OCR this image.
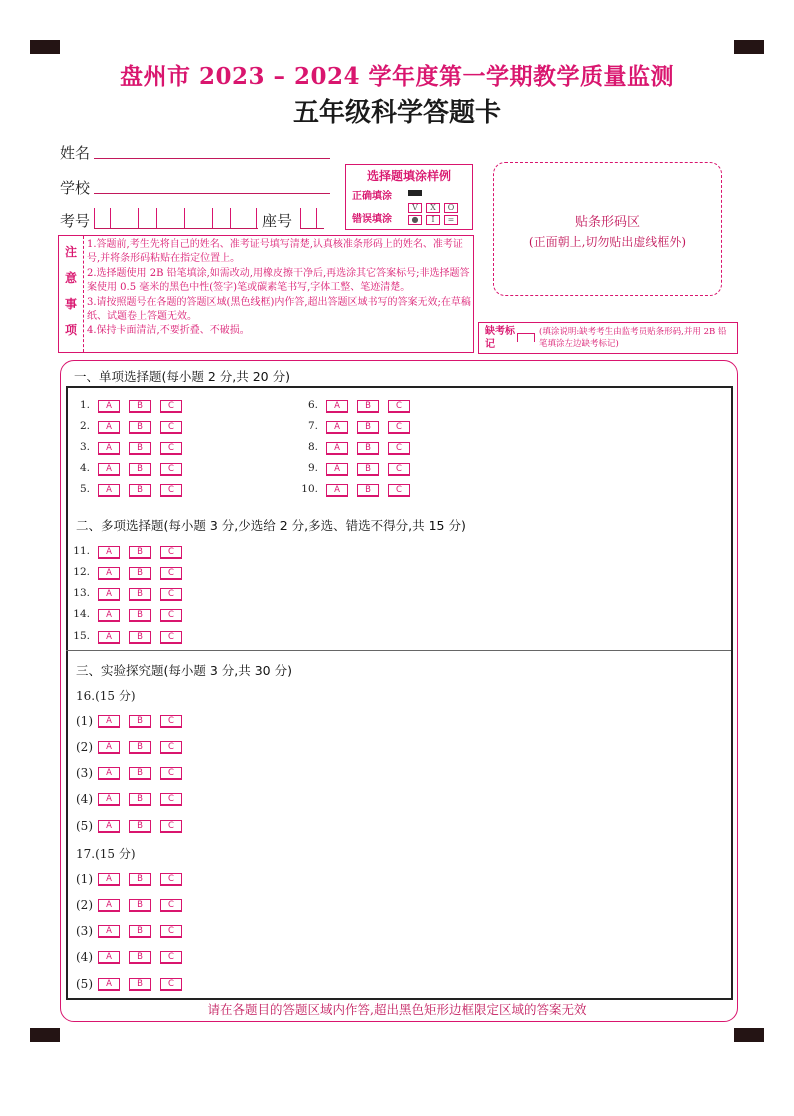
盘州市 2023 – 2024 学年度第一学期教学质量监测
五年级科学答题卡
姓名
学校
考号	座号
选择题填涂样例
正确填涂
错误填涂
V	X	O
●	I	=	贴条形码区
(正面朝上,切勿贴出虚线框外)
注
意
事
项
1.答题前,考生先将自己的姓名、准考证号填写清楚,认真核准条形码上的姓名、准考证号,并将条形码粘贴在指定位置上。
2.选择题使用 2B 铅笔填涂,如需改动,用橡皮擦干净后,再选涂其它答案标号;非选择题答案使用 0.5 毫米的黑色中性(签字)笔或碳素笔书写,字体工整、笔迹清楚。
3.请按照题号在各题的答题区域(黑色线框)内作答,超出答题区域书写的答案无效;在草稿纸、试题卷上答题无效。
4.保持卡面清洁,不要折叠、不破损。	缺考标记
(填涂说明:缺考考生由监考员贴条形码,并用 2B 铅笔填涂左边缺考标记)
一、单项选择题(每小题 2 分,共 20 分)
1.	A	B	C
2.	A	B	C
3.	A	B	C
4.	A	B	C
5.	A	B	C
6.	A	B	C
7.	A	B	C
8.	A	B	C
9.	A	B	C
10.	A	B	C
二、多项选择题(每小题 3 分,少选给 2 分,多选、错选不得分,共 15 分)
11.	A	B	C
12.	A	B	C
13.	A	B	C
14.	A	B	C
15.	A	B	C
三、实验探究题(每小题 3 分,共 30 分)
16.(15 分)
(1)	A	B	C
(2)	A	B	C
(3)	A	B	C
(4)	A	B	C
(5)	A	B	C
17.(15 分)
(1)	A	B	C
(2)	A	B	C
(3)	A	B	C
(4)	A	B	C
(5)	A	B	C
请在各题目的答题区域内作答,超出黑色矩形边框限定区域的答案无效
